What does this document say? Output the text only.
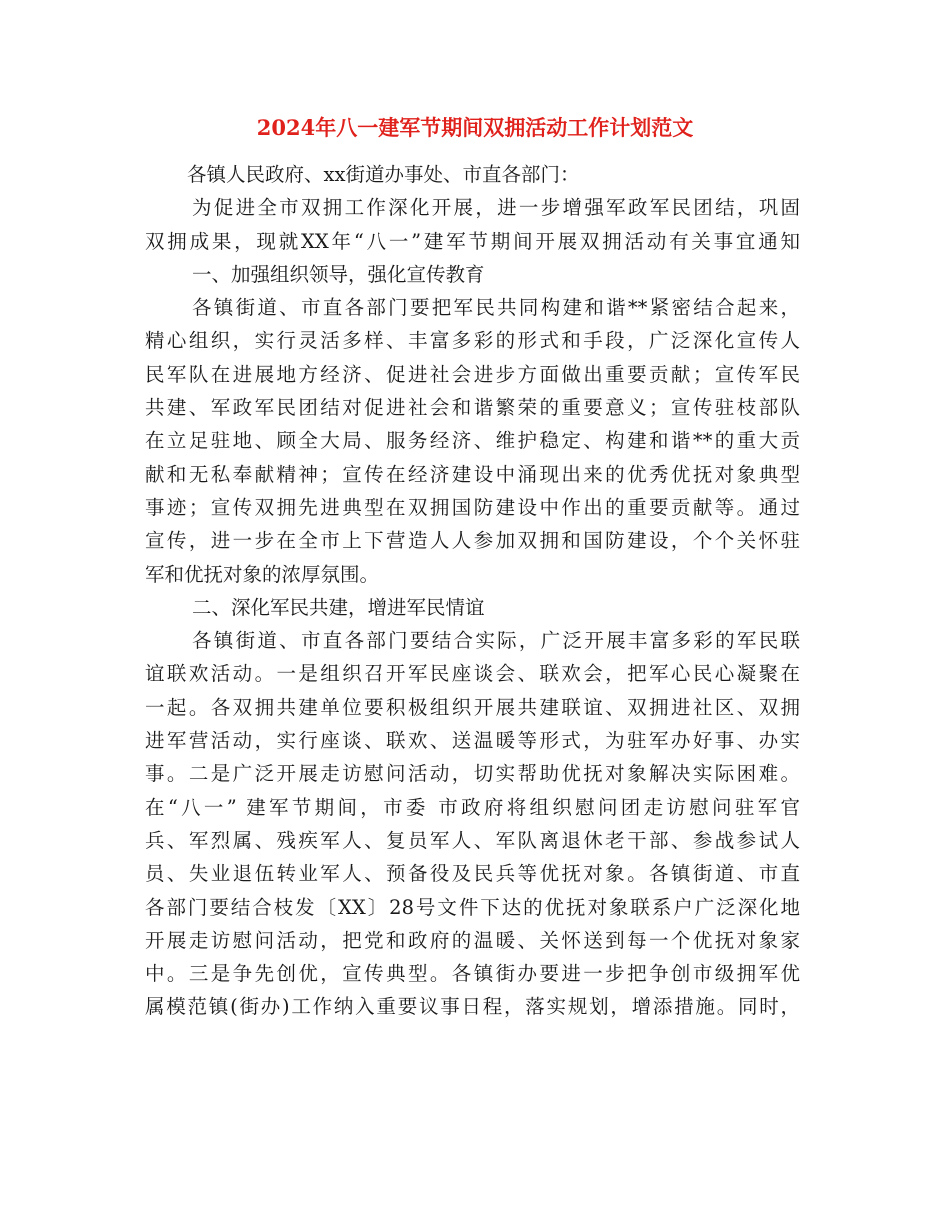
2024年八一建军节期间双拥活动工作计划范文
各镇人民政府、xx街道办事处、市直各部门：
为促进全市双拥工作深化开展，进一步增强军政军民团结，巩固
双拥成果，现就XX年“八一”建军节期间开展双拥活动有关事宜通知
一、加强组织领导，强化宣传教育
各镇街道、市直各部门要把军民共同构建和谐**紧密结合起来，
精心组织，实行灵活多样、丰富多彩的形式和手段，广泛深化宣传人
民军队在进展地方经济、促进社会进步方面做出重要贡献；宣传军民
共建、军政军民团结对促进社会和谐繁荣的重要意义；宣传驻枝部队
在立足驻地、顾全大局、服务经济、维护稳定、构建和谐**的重大贡
献和无私奉献精神；宣传在经济建设中涌现出来的优秀优抚对象典型
事迹；宣传双拥先进典型在双拥国防建设中作出的重要贡献等。通过
宣传，进一步在全市上下营造人人参加双拥和国防建设，个个关怀驻
军和优抚对象的浓厚氛围。
二、深化军民共建，增进军民情谊
各镇街道、市直各部门要结合实际，广泛开展丰富多彩的军民联
谊联欢活动。一是组织召开军民座谈会、联欢会，把军心民心凝聚在
一起。各双拥共建单位要积极组织开展共建联谊、双拥进社区、双拥
进军营活动，实行座谈、联欢、送温暖等形式，为驻军办好事、办实
事。二是广泛开展走访慰问活动，切实帮助优抚对象解决实际困难。
在“八一” 建军节期间，市委 市政府将组织慰问团走访慰问驻军官
兵、军烈属、残疾军人、复员军人、军队离退休老干部、参战参试人
员、失业退伍转业军人、预备役及民兵等优抚对象。各镇街道、市直
各部门要结合枝发〔XX〕28号文件下达的优抚对象联系户广泛深化地
开展走访慰问活动，把党和政府的温暖、关怀送到每一个优抚对象家
中。三是争先创优，宣传典型。各镇街办要进一步把争创市级拥军优
属模范镇(街办)工作纳入重要议事日程，落实规划，增添措施。同时，
